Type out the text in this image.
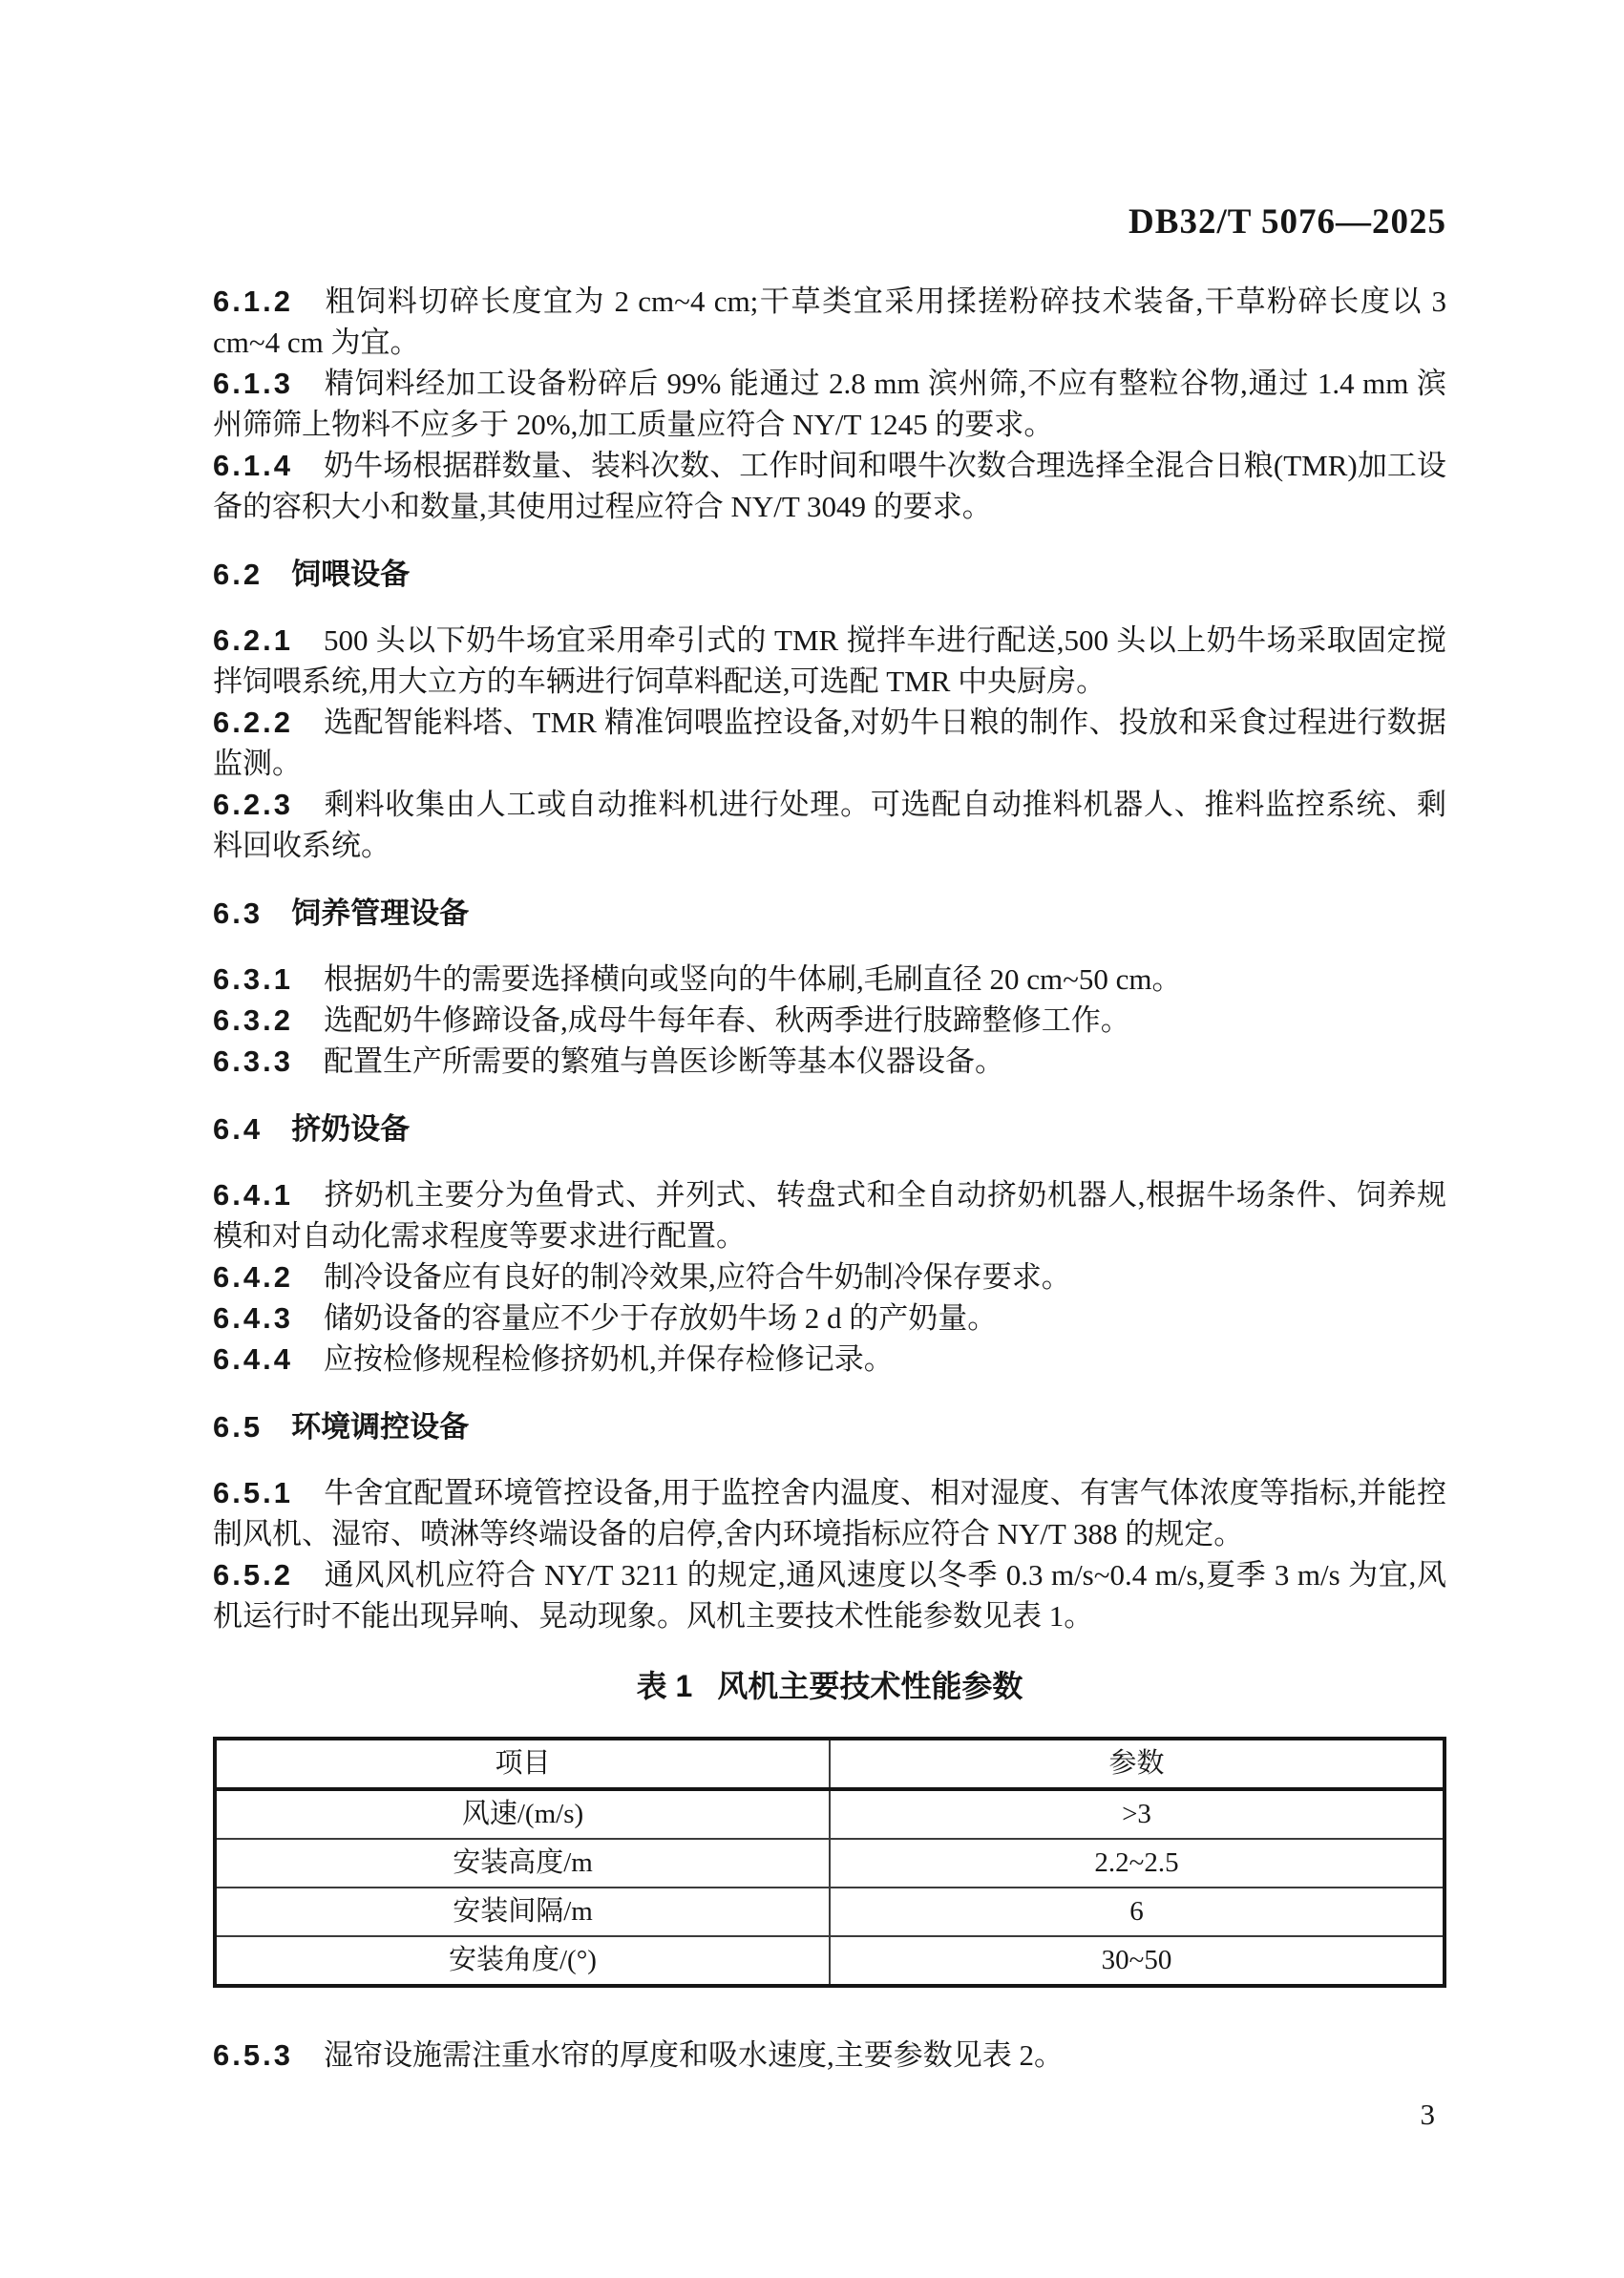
DB32/T 5076—2025

6.1.2 粗饲料切碎长度宜为 2 cm~4 cm;干草类宜采用揉搓粉碎技术装备,干草粉碎长度以 3 cm~4 cm 为宜。

6.1.3 精饲料经加工设备粉碎后 99% 能通过 2.8 mm 滨州筛,不应有整粒谷物,通过 1.4 mm 滨州筛筛上物料不应多于 20%,加工质量应符合 NY/T 1245 的要求。

6.1.4 奶牛场根据群数量、装料次数、工作时间和喂牛次数合理选择全混合日粮(TMR)加工设备的容积大小和数量,其使用过程应符合 NY/T 3049 的要求。

6.2 饲喂设备

6.2.1 500 头以下奶牛场宜采用牵引式的 TMR 搅拌车进行配送,500 头以上奶牛场采取固定搅拌饲喂系统,用大立方的车辆进行饲草料配送,可选配 TMR 中央厨房。

6.2.2 选配智能料塔、TMR 精准饲喂监控设备,对奶牛日粮的制作、投放和采食过程进行数据监测。

6.2.3 剩料收集由人工或自动推料机进行处理。可选配自动推料机器人、推料监控系统、剩料回收系统。

6.3 饲养管理设备

6.3.1 根据奶牛的需要选择横向或竖向的牛体刷,毛刷直径 20 cm~50 cm。

6.3.2 选配奶牛修蹄设备,成母牛每年春、秋两季进行肢蹄整修工作。

6.3.3 配置生产所需要的繁殖与兽医诊断等基本仪器设备。

6.4 挤奶设备

6.4.1 挤奶机主要分为鱼骨式、并列式、转盘式和全自动挤奶机器人,根据牛场条件、饲养规模和对自动化需求程度等要求进行配置。

6.4.2 制冷设备应有良好的制冷效果,应符合牛奶制冷保存要求。

6.4.3 储奶设备的容量应不少于存放奶牛场 2 d 的产奶量。

6.4.4 应按检修规程检修挤奶机,并保存检修记录。

6.5 环境调控设备

6.5.1 牛舍宜配置环境管控设备,用于监控舍内温度、相对湿度、有害气体浓度等指标,并能控制风机、湿帘、喷淋等终端设备的启停,舍内环境指标应符合 NY/T 388 的规定。

6.5.2 通风风机应符合 NY/T 3211 的规定,通风速度以冬季 0.3 m/s~0.4 m/s,夏季 3 m/s 为宜,风机运行时不能出现异响、晃动现象。风机主要技术性能参数见表 1。

表 1 风机主要技术性能参数
项目	参数
风速/(m/s)	>3
安装高度/m	2.2~2.5
安装间隔/m	6
安装角度/(°)	30~50

6.5.3 湿帘设施需注重水帘的厚度和吸水速度,主要参数见表 2。

3
